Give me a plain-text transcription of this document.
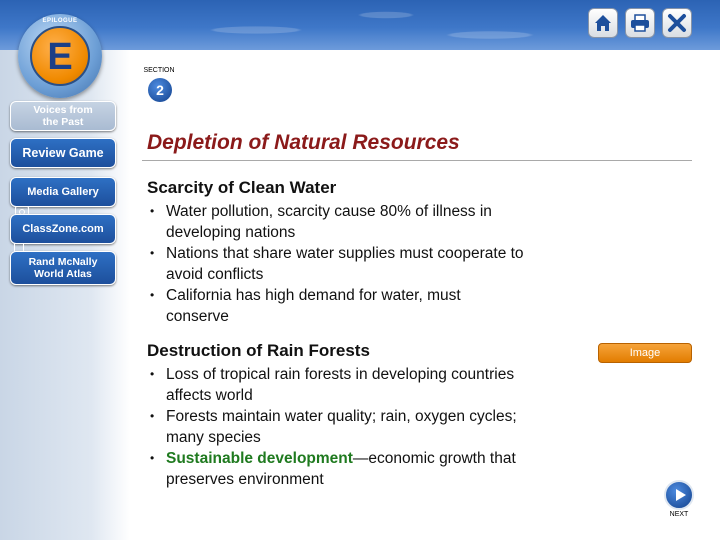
EPILOGUE
E
Voices from
the Past
Review Game
Media Gallery
ClassZone.com
Rand McNally
World Atlas
SECTION
2
Depletion of Natural Resources
Scarcity of Clean Water
• Water pollution, scarcity cause 80% of illness in
developing nations
• Nations that share water supplies must cooperate to
avoid conflicts
• California has high demand for water, must
conserve
Destruction of Rain Forests	Image
• Loss of tropical rain forests in developing countries
affects world
• Forests maintain water quality; rain, oxygen cycles;
many species
• Sustainable development—economic growth that
preserves environment
NEXT
